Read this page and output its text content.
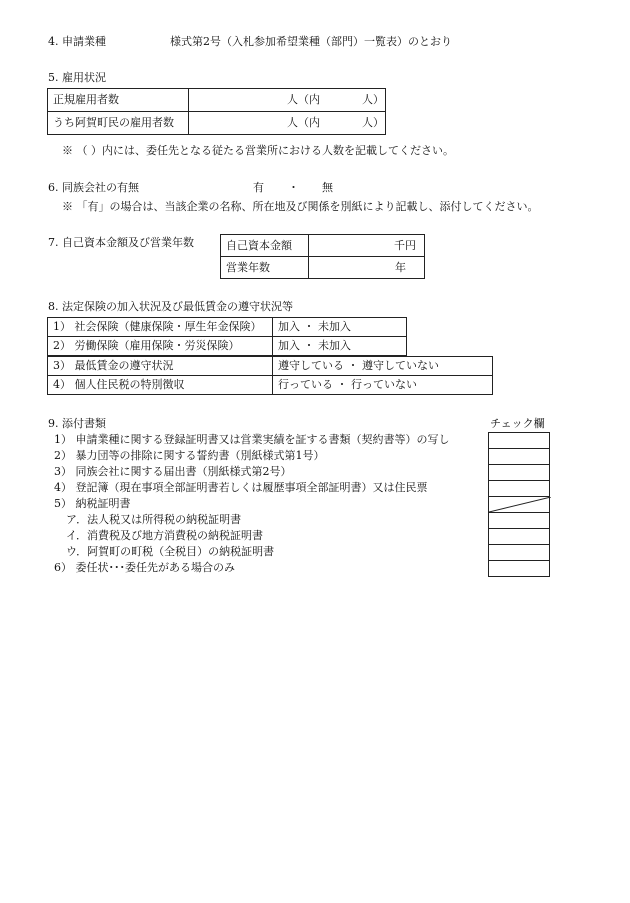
4. 申請業種	様式第2号（入札参加希望業種（部門）一覧表）のとおり
5. 雇用状況
正規雇用者数	人（内 人）

うち阿賀町民の雇用者数	人（内 人）
※ （ ）内には、委任先となる従たる営業所における人数を記載してください。
6. 同族会社の有無	有 ・ 無
※ 「有」の場合は、当該企業の名称、所在地及び関係を別紙により記載し、添付してください。
7. 自己資本金額及び営業年数	自己資本金額	千円
営業年数	年
8. 法定保険の加入状況及び最低賃金の遵守状況等
1） 社会保険（健康保険・厚生年金保険）	加入 ・ 未加入
2） 労働保険（雇用保険・労災保険）	加入 ・ 未加入
3） 最低賃金の遵守状況	遵守している ・ 遵守していない
4） 個人住民税の特別徴収	行っている ・ 行っていない
9. 添付書類	チェック欄
1） 申請業種に関する登録証明書又は営業実績を証する書類（契約書等）の写し
2） 暴力団等の排除に関する誓約書（別紙様式第1号）
3） 同族会社に関する届出書（別紙様式第2号）
4） 登記簿（現在事項全部証明書若しくは履歴事項全部証明書）又は住民票
5） 納税証明書
ア．法人税又は所得税の納税証明書
イ．消費税及び地方消費税の納税証明書
ウ．阿賀町の町税（全税目）の納税証明書
6） 委任状･･･委任先がある場合のみ
